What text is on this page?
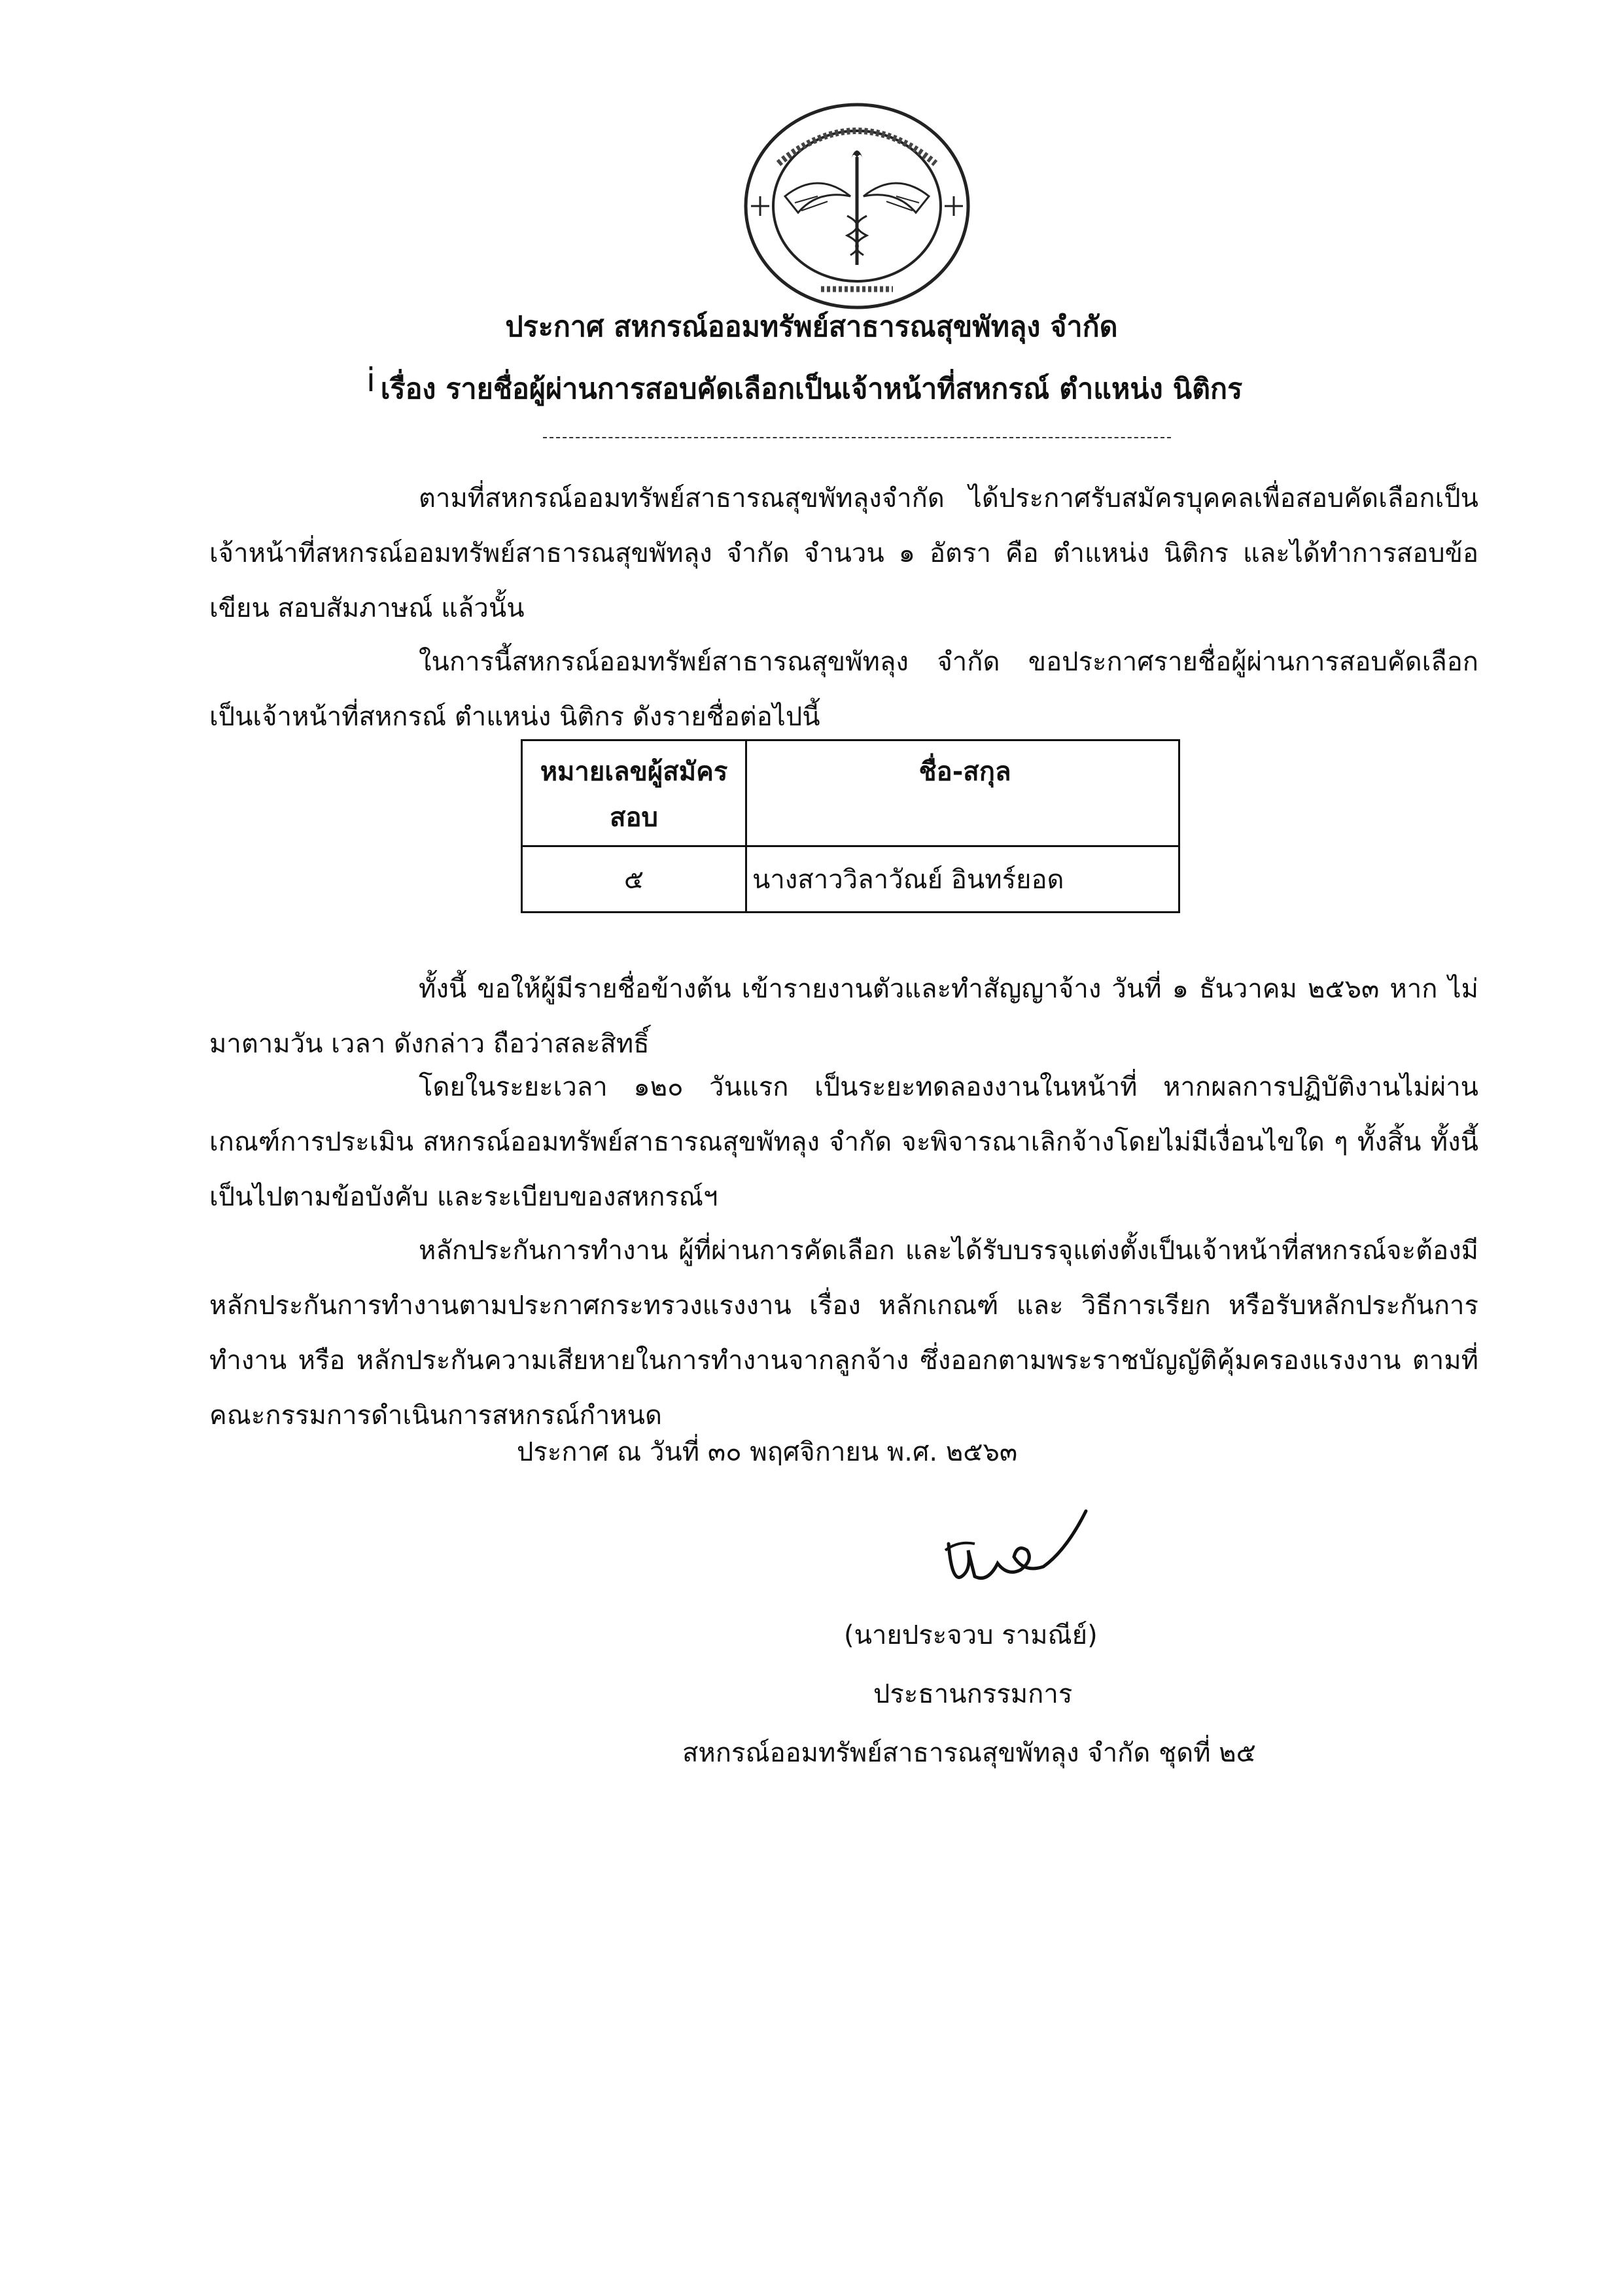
ประกาศ สหกรณ์ออมทรัพย์สาธารณสุขพัทลุง จำกัด
เรื่อง รายชื่อผู้ผ่านการสอบคัดเลือกเป็นเจ้าหน้าที่สหกรณ์ ตำแหน่ง นิติกร
ⅰ
ตามที่สหกรณ์ออมทรัพย์สาธารณสุขพัทลุงจำกัด ได้ประกาศรับสมัครบุคคลเพื่อสอบคัดเลือกเป็นเจ้าหน้าที่สหกรณ์ออมทรัพย์สาธารณสุขพัทลุง จำกัด จำนวน ๑ อัตรา คือ ตำแหน่ง นิติกร และได้ทำการสอบข้อเขียน สอบสัมภาษณ์ แล้วนั้น
ในการนี้สหกรณ์ออมทรัพย์สาธารณสุขพัทลุง จำกัด ขอประกาศรายชื่อผู้ผ่านการสอบคัดเลือกเป็นเจ้าหน้าที่สหกรณ์ ตำแหน่ง นิติกร ดังรายชื่อต่อไปนี้
หมายเลขผู้สมัครสอบ	ชื่อ-สกุล
๕	นางสาววิลาวัณย์ อินทร์ยอด
ทั้งนี้ ขอให้ผู้มีรายชื่อข้างต้น เข้ารายงานตัวและทำสัญญาจ้าง วันที่ ๑ ธันวาคม ๒๕๖๓ หาก ไม่มาตามวัน เวลา ดังกล่าว ถือว่าสละสิทธิ์
โดยในระยะเวลา ๑๒๐ วันแรก เป็นระยะทดลองงานในหน้าที่ หากผลการปฏิบัติงานไม่ผ่านเกณฑ์การประเมิน สหกรณ์ออมทรัพย์สาธารณสุขพัทลุง จำกัด จะพิจารณาเลิกจ้างโดยไม่มีเงื่อนไขใด ๆ ทั้งสิ้น ทั้งนี้เป็นไปตามข้อบังคับ และระเบียบของสหกรณ์ฯ
หลักประกันการทำงาน ผู้ที่ผ่านการคัดเลือก และได้รับบรรจุแต่งตั้งเป็นเจ้าหน้าที่สหกรณ์จะต้องมีหลักประกันการทำงานตามประกาศกระทรวงแรงงาน เรื่อง หลักเกณฑ์ และ วิธีการเรียก หรือรับหลักประกันการทำงาน หรือ หลักประกันความเสียหายในการทำงานจากลูกจ้าง ซึ่งออกตามพระราชบัญญัติคุ้มครองแรงงาน ตามที่คณะกรรมการดำเนินการสหกรณ์กำหนด
ประกาศ ณ วันที่ ๓๐ พฤศจิกายน พ.ศ. ๒๕๖๓
(นายประจวบ รามณีย์)
ประธานกรรมการ
สหกรณ์ออมทรัพย์สาธารณสุขพัทลุง จำกัด ชุดที่ ๒๕
